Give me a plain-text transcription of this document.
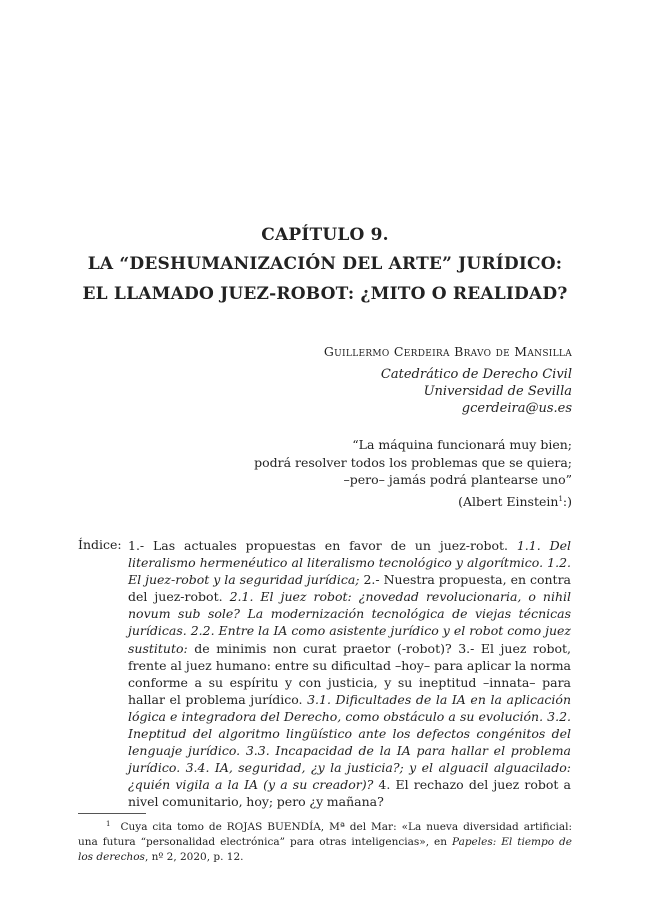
CAPÍTULO 9.
LA “DESHUMANIZACIÓN DEL ARTE” JURÍDICO:
EL LLAMADO JUEZ-ROBOT: ¿MITO O REALIDAD?
Guillermo Cerdeira Bravo de Mansilla
Catedrático de Derecho Civil
Universidad de Sevilla
gcerdeira@us.es
“La máquina funcionará muy bien;
podrá resolver todos los problemas que se quiera;
–pero– jamás podrá plantearse uno”
(Albert Einstein$^1$:)
Índice: 1.- Las actuales propuestas en favor de un juez-robot. 1.1. Del literalismo hermenéutico al literalismo tecnológico y algorítmico. 1.2. El juez-robot y la seguridad jurídica; 2.- Nuestra propuesta, en contra del juez-robot. 2.1. El juez robot: ¿novedad revolucionaria, o nihil novum sub sole? La modernización tecnológica de viejas técnicas jurídicas. 2.2. Entre la IA como asistente jurídico y el robot como juez sustituto: de minimis non curat praetor (-robot)? 3.- El juez robot, frente al juez humano: entre su dificultad –hoy– para aplicar la norma conforme a su espíritu y con justicia, y su ineptitud –innata– para hallar el problema jurídico. 3.1. Dificultades de la IA en la aplicación lógica e integradora del Derecho, como obstáculo a su evolución. 3.2. Ineptitud del algoritmo lingüístico ante los defectos congénitos del lenguaje jurídico. 3.3. Incapacidad de la IA para hallar el problema jurídico. 3.4. IA, seguridad, ¿y la justicia?; y el alguacil alguacilado: ¿quién vigila a la IA (y a su creador)? 4. El rechazo del juez robot a nivel comunitario, hoy; pero ¿y mañana?
$^1$ Cuya cita tomo de ROJAS BUENDÍA, Mª del Mar: «La nueva diversidad artificial: una futura “personalidad electrónica” para otras inteligencias», en Papeles: El tiempo de los derechos, nº 2, 2020, p. 12.
